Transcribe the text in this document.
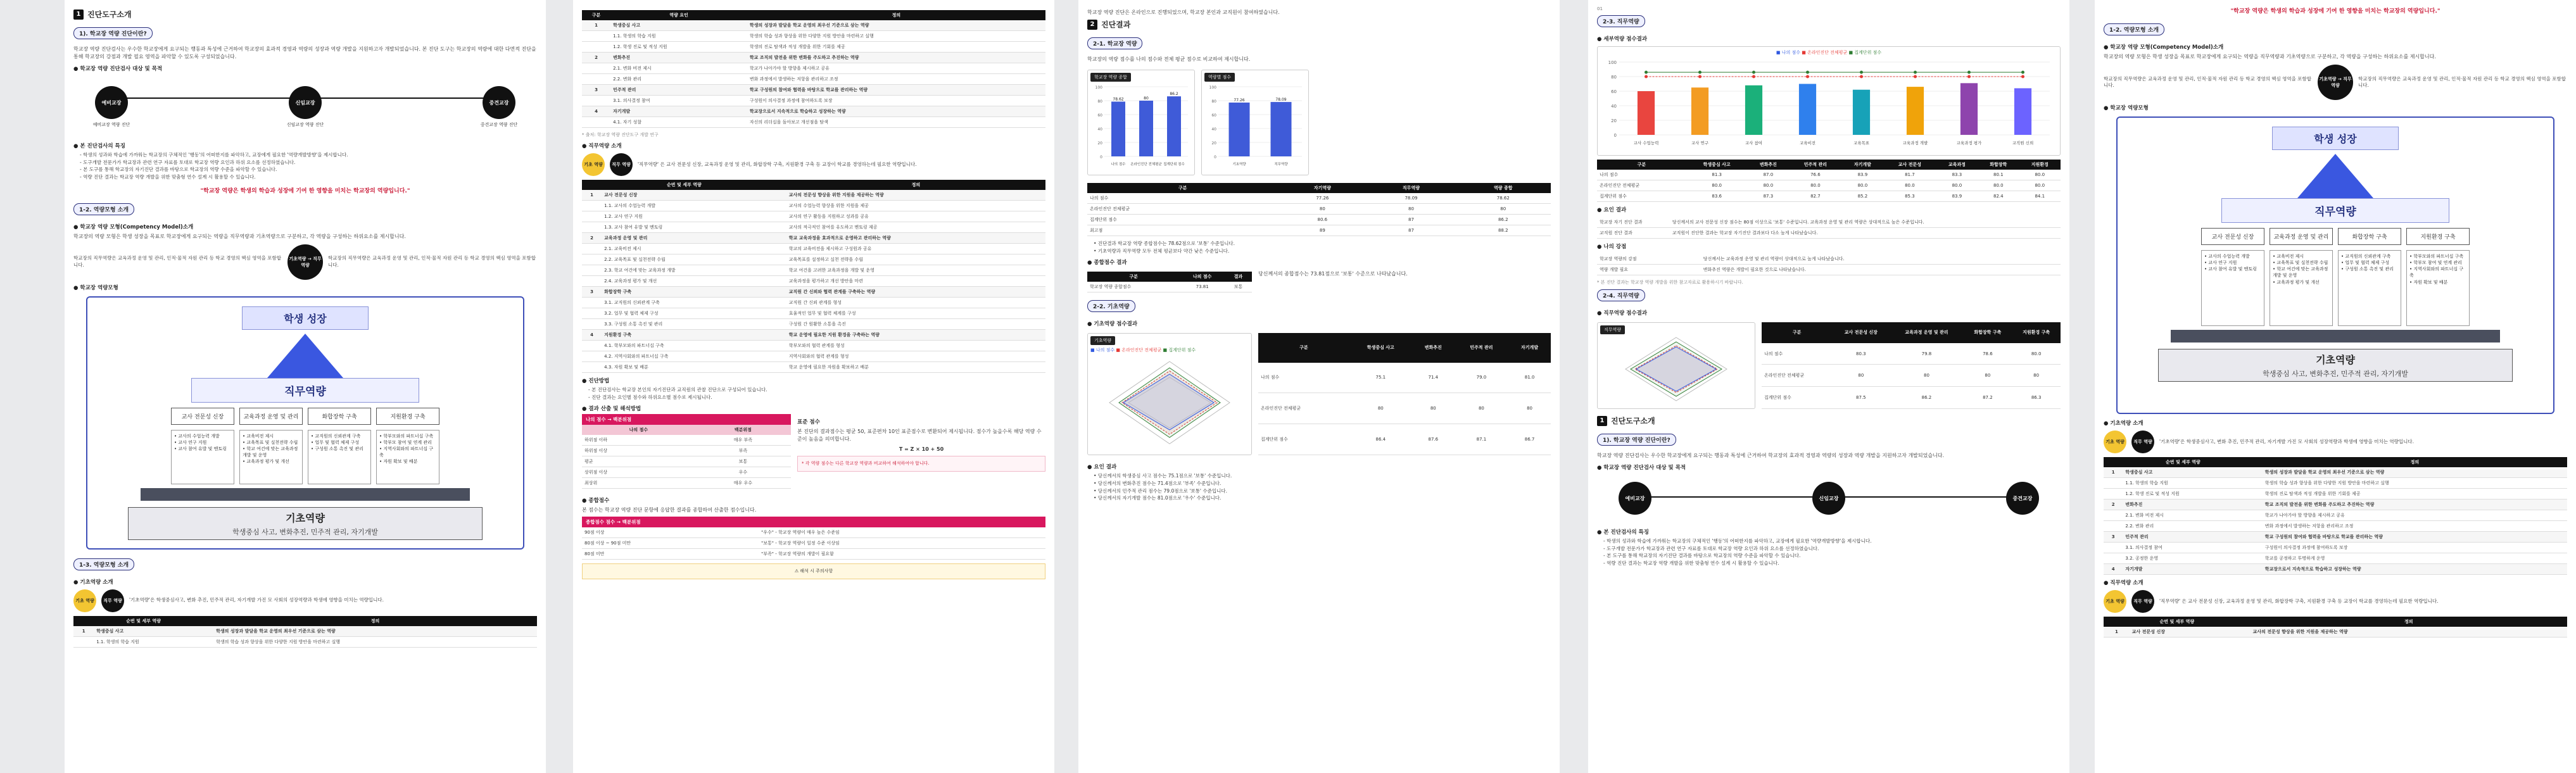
1 진단도구소개
1). 학교장 역량 진단이란?
학교장 역량 진단검사는 우수한 학교장에게 요구되는 행동과 특성에 근거하여 학교장의 효과적 경영과 역량의 성장과 역량 개발을 지원하고자 개발되었습니다. 본 진단 도구는 학교장의 역량에 대한 다면적 진단을 통해 학교장의 강점과 개발 필요 영역을 파악할 수 있도록 구성되었습니다.
● 학교장 역량 진단검사 대상 및 목적
예비교장
예비교장 역량 진단
신임교장
신임교장 역량 진단
중견교장
중견교장 역량 진단
● 본 진단검사의 특징
- 학생의 성과와 학습에 가까워는 학교장의 구체적인 '행동'의 어떠한지를 파악하고, 교장에게 필요한 '역량개발방향'을 제시합니다.
- 도구개발 전문가가 학교장과 관련 연구 자료를 토대로 학교장 역량 요인과 하위 요소를 선정하였습니다.
- 본 도구를 통해 학교장의 자기진단 결과를 바탕으로 학교장의 역량 수준을 파악할 수 있습니다.
- 역량 진단 결과는 학교장 역량 개발을 위한 맞춤형 연수 설계 시 활용할 수 있습니다.
"학교장 역량은 학생의 학습과 성장에 기여 한 영향을 미치는 학교장의 역량입니다."
1-2. 역량모형 소개
● 학교장 역량 모형(Competency Model)소개
학교장의 역량 모형은 학생 성장을 목표로 학교장에게 요구되는 역량을 직무역량과 기초역량으로 구분하고, 각 역량을 구성하는 하위요소를 제시합니다.
학교장의 직무역량은 교육과정 운영 및 관리, 인적·물적 자원 관리 등 학교 경영의 핵심 영역을 포함합니다.
기초역량 → 직무역량
학교장의 직무역량은 교육과정 운영 및 관리, 인적·물적 자원 관리 등 학교 경영의 핵심 영역을 포함합니다.
● 학교장 역량모형
학생 성장
직무역량
교사 전문성 신장	교육과정 운영 및 관리	화합장학 구축	지원환경 구축
• 교사의 수업능력 개발
• 교사 연구 지원
• 교사 참여 유발 및 멘토링
• 교육비전 제시
• 교육목표 및 실천전략 수립
• 학교 여건에 맞는 교육과정 개발 및 운영
• 교육과정 평가 및 개선
• 교직원의 신뢰관계 구축
• 업무 및 협력 체제 구성
• 구성원 소통 촉진 및 관리
• 학부모와의 파트너십 구축
• 학부모 참여 및 연계 관리
• 지역사회와의 파트너십 구축
• 자원 확보 및 배분
기초역량
학생중심 사고, 변화추진, 민주적 관리, 자기개발
1-3. 역량모형 소개
● 기초역량 소개
기초 역량	직무 역량	'기초역량'은 학생중심사고, 변화 추진, 민주적 관리, 자기개발 가진 모 사회의 성장역량과 학생에 영향을 미치는 역량입니다.
순번 및 세부 역량		정의
1	학생중심 사고	학생의 성장과 발달을 학교 운영의 최우선 기준으로 삼는 역량
	1.1. 학생의 학습 지원	학생의 학습 성과 향상을 위한 다양한 지원 방안을 마련하고 실행
구분	역량 요인	정의
1	학생중심 사고	학생의 성장과 발달을 학교 운영의 최우선 기준으로 삼는 역량
	1.1. 학생의 학습 지원	학생의 학습 성과 향상을 위한 다양한 지원 방안을 마련하고 실행
	1.2. 학생 진로 및 적성 지원	학생의 진로 탐색과 적성 개발을 위한 기회를 제공
2	변화추진	학교 조직의 발전을 위한 변화를 주도하고 추진하는 역량
	2.1. 변화 비전 제시	학교가 나아가야 할 방향을 제시하고 공유
	2.2. 변화 관리	변화 과정에서 발생하는 저항을 관리하고 조정
3	민주적 관리	학교 구성원의 참여와 협력을 바탕으로 학교를 관리하는 역량
	3.1. 의사결정 참여	구성원이 의사결정 과정에 참여하도록 보장
4	자기개발	학교장으로서 지속적으로 학습하고 성장하는 역량
	4.1. 자기 성찰	자신의 리더십을 돌아보고 개선점을 탐색
* 출처: 학교장 역량 진단도구 개발 연구
● 직무역량 소개
기초 역량	직무 역량	'직무역량' 은 교사 전문성 신장, 교육과정 운영 및 관리, 화합장학 구축, 지원환경 구축 등 교장이 학교를 경영하는데 필요한 역량입니다.
순번 및 세부 역량		정의
1	교사 전문성 신장	교사의 전문성 향상을 위한 지원을 제공하는 역량
	1.1. 교사의 수업능력 개발	교사의 수업능력 향상을 위한 지원을 제공
	1.2. 교사 연구 지원	교사의 연구 활동을 지원하고 성과를 공유
	1.3. 교사 참여 유발 및 멘토링	교사의 적극적인 참여를 유도하고 멘토링 제공
2	교육과정 운영 및 관리	학교 교육과정을 효과적으로 운영하고 관리하는 역량
	2.1. 교육비전 제시	학교의 교육비전을 제시하고 구성원과 공유
	2.2. 교육목표 및 실천전략 수립	교육목표를 설정하고 실천 전략을 수립
	2.3. 학교 여건에 맞는 교육과정 개발	학교 여건을 고려한 교육과정을 개발 및 운영
	2.4. 교육과정 평가 및 개선	교육과정을 평가하고 개선 방안을 마련
3	화합장학 구축	교직원 간 신뢰와 협력 관계를 구축하는 역량
	3.1. 교직원의 신뢰관계 구축	교직원 간 신뢰 관계를 형성
	3.2. 업무 및 협력 체제 구성	효율적인 업무 및 협력 체계를 구성
	3.3. 구성원 소통 촉진 및 관리	구성원 간 원활한 소통을 촉진
4	지원환경 구축	학교 운영에 필요한 지원 환경을 구축하는 역량
	4.1. 학부모와의 파트너십 구축	학부모와의 협력 관계를 형성
	4.2. 지역사회와의 파트너십 구축	지역사회와의 협력 관계를 형성
	4.3. 자원 확보 및 배분	학교 운영에 필요한 자원을 확보하고 배분
● 진단방법
- 본 진단검사는 학교장 본인의 자기진단과 교직원의 관찰 진단으로 구성되어 있습니다.
- 진단 결과는 요인별 점수와 하위요소별 점수로 제시됩니다.
● 결과 산출 및 해석방법
나의 점수 → 백분위점
나의 점수	백분위점
하위점 이하	매우 부족
하위점 이상	부족
평균	보통
상위점 이상	우수
최상위	매우 우수
표준 점수
본 진단의 결과점수는 평균 50, 표준편차 10인 표준점수로 변환되어 제시됩니다. 점수가 높을수록 해당 역량 수준이 높음을 의미합니다.
T = Z × 10 + 50
* 각 역량 점수는 다른 학교장 역량과 비교하여 해석하여야 합니다.
● 종합점수
본 점수는 학교장 역량 진단 문항에 응답한 결과를 종합하여 산출한 점수입니다.
종합점수 점수 → 백분위점
90점 이상	"우수" - 학교장 역량이 매우 높은 수준임
80점 이상 ~ 90점 미만	"보통" - 학교장 역량이 일정 수준 이상임
80점 미만	"부족" - 학교장 역량의 개발이 필요함
⚠ 해석 시 주의사항
학교장 역량 진단은 온라인으로 진행되었으며, 학교장 본인과 교직원이 참여하였습니다.
2 진단결과
2-1. 학교장 역량
학교장의 역량 점수를 나의 점수와 전체 평균 점수로 비교하여 제시합니다.
학교장 역량 종합
0
20
40
60
80
100
78.62
나의 점수
80
온라인진단 전체평균
86.2
집계단위 점수
역량별 점수
0
20
40
60
80
100
77.26
기초역량
78.09
직무역량
구분	자기역량	직무역량	역량 종합
나의 점수	77.26	78.09	78.62
온라인진단 전체평균	80	80	80
집계단위 점수	80.6	87	86.2
최고점	89	87	88.2
• 진단결과 학교장 역량 종합점수는 78.62점으로 '보통' 수준입니다.
• 기초역량과 직무역량 모두 전체 평균보다 약간 낮은 수준입니다.
● 종합점수 결과
구분	나의 점수	결과
학교장 역량 종합점수	73.81	보통
당신께서의 종합점수는 73.81점으로 '보통' 수준으로 나타났습니다.
2-2. 기초역량
● 기초역량 점수결과
기초역량
■ 나의 점수 ■ 온라인진단 전체평균 ■ 집계단위 점수	구분	학생중심 사고	변화추진	민주적 관리	자기개발
나의 점수	75.1	71.4	79.0	81.0
온라인진단 전체평균	80	80	80	80
집계단위 점수	86.4	87.6	87.1	86.7
● 요인 결과
• 당신께서의 학생중심 사고 점수는 75.1점으로 '보통' 수준입니다.
• 당신께서의 변화추진 점수는 71.4점으로 '부족' 수준입니다.
• 당신께서의 민주적 관리 점수는 79.0점으로 '보통' 수준입니다.
• 당신께서의 자기개발 점수는 81.0점으로 '우수' 수준입니다.
01
2-3. 직무역량
● 세부역량 점수결과
■ 나의 점수 ■ 온라인진단 전체평균 ■ 집계단위 점수
0
20
40
60
80
100
교사 수업능력	교사 연구	교사 참여	교육비전	교육목표	교육과정 개발	교육과정 평가	교직원 신뢰
구분	학생중심 사고	변화추진	민주적 관리	자기개발	교사 전문성	교육과정	화합장학	지원환경
나의 점수	81.3	87.0	76.6	83.9	81.7	83.3	80.1	80.0
온라인진단 전체평균	80.0	80.0	80.0	80.0	80.0	80.0	80.0	80.0
집계단위 점수	83.6	87.3	82.7	85.2	85.3	83.9	82.4	84.1
● 요인 결과
학교장 자기 진단 결과	당신께서의 교사 전문성 신장 점수는 80점 이상으로 '보통' 수준입니다. 교육과정 운영 및 관리 역량은 상대적으로 높은 수준입니다.
교직원 진단 결과	교직원이 진단한 결과는 학교장 자기진단 결과보다 다소 높게 나타났습니다.
● 나의 강점
학교장 역량의 강점	당신께서는 교육과정 운영 및 관리 역량이 상대적으로 높게 나타났습니다.
역량 개발 필요	변화추진 역량은 개발이 필요한 것으로 나타났습니다.
* 본 진단 결과는 학교장 역량 개발을 위한 참고자료로 활용하시기 바랍니다.
2-4. 직무역량
● 직무역량 점수결과
직무역량
구분	교사 전문성 신장	교육과정 운영 및 관리	화합장학 구축	지원환경 구축
나의 점수	80.3	79.8	78.6	80.0
온라인진단 전체평균	80	80	80	80
집계단위 점수	87.5	86.2	87.2	86.3
1 진단도구소개
1). 학교장 역량 진단이란?
학교장 역량 진단검사는 우수한 학교장에게 요구되는 행동과 특성에 근거하여 학교장의 효과적 경영과 역량의 성장과 역량 개발을 지원하고자 개발되었습니다.
● 학교장 역량 진단검사 대상 및 목적
예비교장	신임교장	중견교장
● 본 진단검사의 특징
- 학생의 성과와 학습에 가까워는 학교장의 구체적인 '행동'의 어떠한지를 파악하고, 교장에게 필요한 '역량개발방향'을 제시합니다.
- 도구개발 전문가가 학교장과 관련 연구 자료를 토대로 학교장 역량 요인과 하위 요소를 선정하였습니다.
- 본 도구를 통해 학교장의 자기진단 결과를 바탕으로 학교장의 역량 수준을 파악할 수 있습니다.
- 역량 진단 결과는 학교장 역량 개발을 위한 맞춤형 연수 설계 시 활용할 수 있습니다.
"학교장 역량은 학생의 학습과 성장에 기여 한 영향을 미치는 학교장의 역량입니다."
1-2. 역량모형 소개
● 학교장 역량 모형(Competency Model)소개
학교장의 역량 모형은 학생 성장을 목표로 학교장에게 요구되는 역량을 직무역량과 기초역량으로 구분하고, 각 역량을 구성하는 하위요소를 제시합니다.
학교장의 직무역량은 교육과정 운영 및 관리, 인적·물적 자원 관리 등 학교 경영의 핵심 영역을 포함합니다.
기초역량 → 직무역량
학교장의 직무역량은 교육과정 운영 및 관리, 인적·물적 자원 관리 등 학교 경영의 핵심 영역을 포함합니다.
● 학교장 역량모형
학생 성장
직무역량
교사 전문성 신장	교육과정 운영 및 관리	화합장학 구축	지원환경 구축
• 교사의 수업능력 개발
• 교사 연구 지원
• 교사 참여 유발 및 멘토링
• 교육비전 제시
• 교육목표 및 실천전략 수립
• 학교 여건에 맞는 교육과정 개발 및 운영
• 교육과정 평가 및 개선
• 교직원의 신뢰관계 구축
• 업무 및 협력 체제 구성
• 구성원 소통 촉진 및 관리
• 학부모와의 파트너십 구축
• 학부모 참여 및 연계 관리
• 지역사회와의 파트너십 구축
• 자원 확보 및 배분
기초역량
학생중심 사고, 변화추진, 민주적 관리, 자기개발
● 기초역량 소개
기초 역량	직무 역량	'기초역량'은 학생중심사고, 변화 추진, 민주적 관리, 자기개발 가진 모 사회의 성장역량과 학생에 영향을 미치는 역량입니다.
순번 및 세부 역량		정의
1	학생중심 사고	학생의 성장과 발달을 학교 운영의 최우선 기준으로 삼는 역량
	1.1. 학생의 학습 지원	학생의 학습 성과 향상을 위한 다양한 지원 방안을 마련하고 실행
	1.2. 학생 진로 및 적성 지원	학생의 진로 탐색과 적성 개발을 위한 기회를 제공
2	변화추진	학교 조직의 발전을 위한 변화를 주도하고 추진하는 역량
	2.1. 변화 비전 제시	학교가 나아가야 할 방향을 제시하고 공유
	2.2. 변화 관리	변화 과정에서 발생하는 저항을 관리하고 조정
3	민주적 관리	학교 구성원의 참여와 협력을 바탕으로 학교를 관리하는 역량
	3.1. 의사결정 참여	구성원이 의사결정 과정에 참여하도록 보장
	3.2. 공정한 운영	학교를 공정하고 투명하게 운영
4	자기개발	학교장으로서 지속적으로 학습하고 성장하는 역량
● 직무역량 소개
기초 역량	직무 역량	'직무역량' 은 교사 전문성 신장, 교육과정 운영 및 관리, 화합장학 구축, 지원환경 구축 등 교장이 학교를 경영하는데 필요한 역량입니다.
순번 및 세부 역량		정의
1	교사 전문성 신장	교사의 전문성 향상을 위한 지원을 제공하는 역량
